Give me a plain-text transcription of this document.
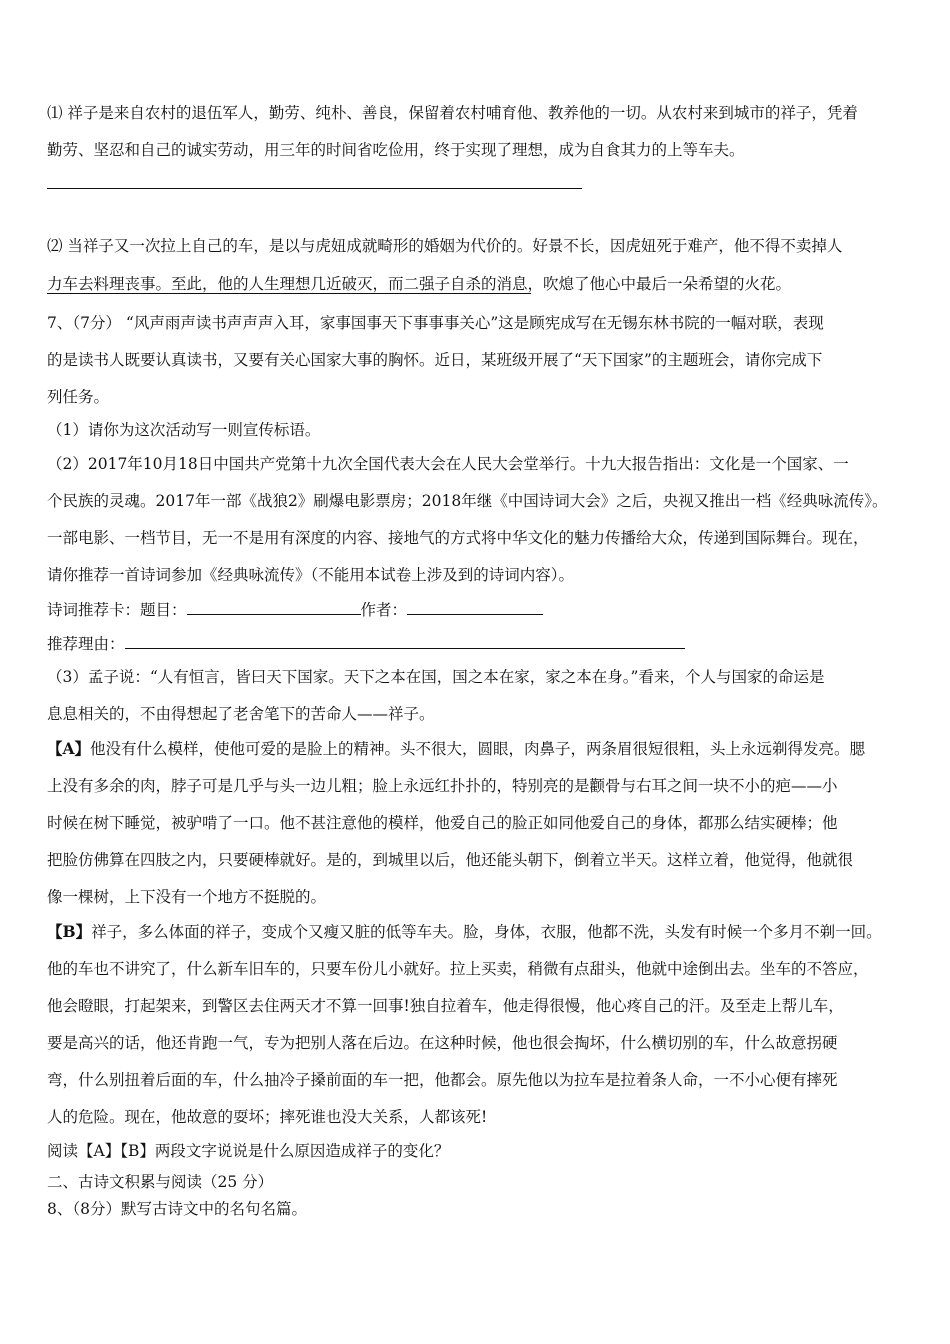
⑴ 祥子是来自农村的退伍军人，勤劳、纯朴、善良，保留着农村哺育他、教养他的一切。从农村来到城市的祥子，凭着
勤劳、坚忍和自己的诚实劳动，用三年的时间省吃俭用，终于实现了理想，成为自食其力的上等车夫。
⑵ 当祥子又一次拉上自己的车，是以与虎妞成就畸形的婚姻为代价的。好景不长，因虎妞死于难产，他不得不卖掉人
力车去料理丧事。至此，他的人生理想几近破灭，而二强子自杀的消息，吹熄了他心中最后一朵希望的火花。
7、（7分） “风声雨声读书声声声入耳，家事国事天下事事事关心”这是顾宪成写在无锡东林书院的一幅对联，表现
的是读书人既要认真读书，又要有关心国家大事的胸怀。近日，某班级开展了“天下国家”的主题班会，请你完成下
列任务。
（1）请你为这次活动写一则宣传标语。
（2）2017年10月18日中国共产党第十九次全国代表大会在人民大会堂举行。十九大报告指出：文化是一个国家、一
个民族的灵魂。2017年一部《战狼2》刷爆电影票房；2018年继《中国诗词大会》之后，央视又推出一档《经典咏流传》。
一部电影、一档节目，无一不是用有深度的内容、接地气的方式将中华文化的魅力传播给大众，传递到国际舞台。现在，
请你推荐一首诗词参加《经典咏流传》（不能用本试卷上涉及到的诗词内容）。
诗词推荐卡：题目：	作者：
推荐理由：
（3）孟子说：“人有恒言，皆曰天下国家。天下之本在国，国之本在家，家之本在身。”看来，个人与国家的命运是
息息相关的，不由得想起了老舍笔下的苦命人——祥子。
【A】他没有什么模样，使他可爱的是脸上的精神。头不很大，圆眼，肉鼻子，两条眉很短很粗，头上永远剃得发亮。腮
上没有多余的肉，脖子可是几乎与头一边儿粗；脸上永远红扑扑的，特别亮的是颧骨与右耳之间一块不小的疤——小
时候在树下睡觉，被驴啃了一口。他不甚注意他的模样，他爱自己的脸正如同他爱自己的身体，都那么结实硬棒；他
把脸仿佛算在四肢之内，只要硬棒就好。是的，到城里以后，他还能头朝下，倒着立半天。这样立着，他觉得，他就很
像一棵树，上下没有一个地方不挺脱的。
【B】祥子，多么体面的祥子，变成个又瘦又脏的低等车夫。脸，身体，衣服，他都不洗，头发有时候一个多月不剃一回。
他的车也不讲究了，什么新车旧车的，只要车份儿小就好。拉上买卖，稍微有点甜头，他就中途倒出去。坐车的不答应，
他会瞪眼，打起架来，到警区去住两天才不算一回事!独自拉着车，他走得很慢，他心疼自己的汗。及至走上帮儿车，
要是高兴的话，他还肯跑一气，专为把别人落在后边。在这种时候，他也很会掏坏，什么横切别的车，什么故意拐硬
弯，什么别扭着后面的车，什么抽冷子搡前面的车一把，他都会。原先他以为拉车是拉着条人命，一不小心便有摔死
人的危险。现在，他故意的耍坏；摔死谁也没大关系，人都该死!
阅读【A】【B】两段文字说说是什么原因造成祥子的变化？
二、古诗文积累与阅读（25 分）
8、（8分）默写古诗文中的名句名篇。
